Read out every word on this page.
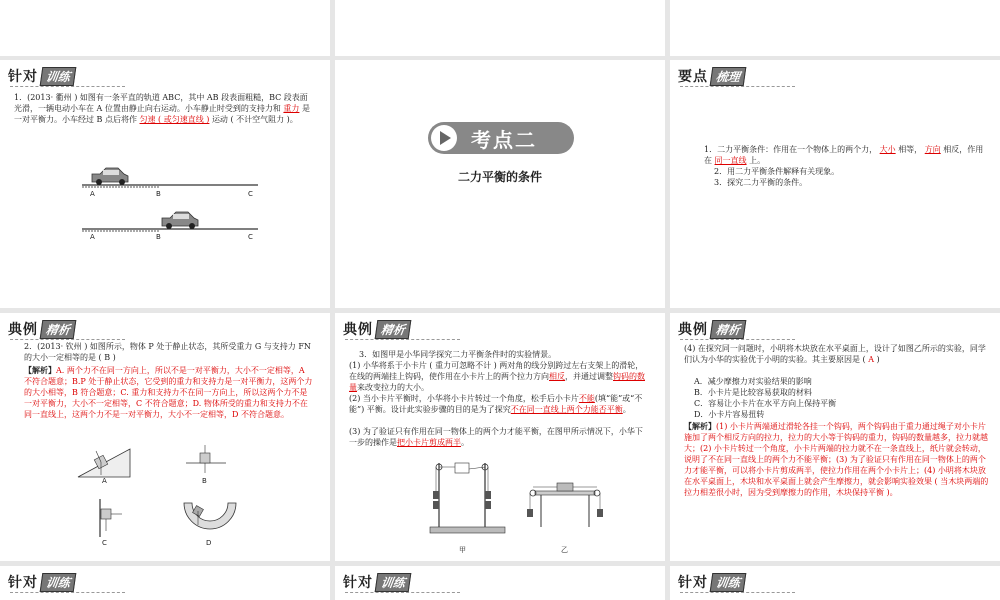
针对 训练
1．(2013· 衢州 ) 如图有一条平直的轨道 ABC，其中 AB 段表面粗糙，BC 段表面光滑，一辆电动小车在 A 位置由静止向右运动。小车静止时受到的支持力和 重力 是一对平衡力。小车经过 B 点后将作 匀速 ( 或匀速直线 ) 运动 ( 不计空气阻力 )。
A	B	C
A	B	C
考点二
二力平衡的条件
要点 梳理
1．二力平衡条件：作用在一个物体上的两个力， 大小 相等， 方向 相反，作用在 同一直线 上。
2．用二力平衡条件解释有关现象。
3．探究二力平衡的条件。
典例 精析
2．(2013· 钦州 ) 如图所示，物体 P 处于静止状态，其所受重力 G 与支持力 FN 的大小一定相等的是 ( B )
【解析】A. 两个力不在同一方向上，所以不是一对平衡力，大小不一定相等，A 不符合题意；B.P 处于静止状态，它受到的重力和支持力是一对平衡力，这两个力的大小相等，B 符合题意；C. 重力和支持力不在同一方向上，所以这两个力不是一对平衡力，大小不一定相等，C 不符合题意；D. 物体所受的重力和支持力不在同一直线上，这两个力不是一对平衡力，大小不一定相等，D 不符合题意。
A	B
C	D
典例 精析
3．如图甲是小华同学探究二力平衡条件时的实验情景。
(1) 小华将系于小卡片 ( 重力可忽略不计 ) 两对角的线分别跨过左右支架上的滑轮，在线的两端挂上钩码，使作用在小卡片上的两个拉力方向相反，并通过调整钩码的数量来改变拉力的大小。
(2) 当小卡片平衡时，小华将小卡片转过一个角度，松手后小卡片不能(填“能”或“不能”) 平衡。设计此实验步骤的目的是为了探究不在同一直线上两个力能否平衡。
(3) 为了验证只有作用在同一物体上的两个力才能平衡，在图甲所示情况下，小华下一步的操作是把小卡片剪成两半。
甲	乙
典例 精析
(4) 在探究同一问题时，小明将木块放在水平桌面上，设计了如图乙所示的实验，同学们认为小华的实验优于小明的实验。其主要原因是 ( A )
A．减少摩擦力对实验结果的影响
B．小卡片是比较容易获取的材料
C．容易让小卡片在水平方向上保持平衡
D．小卡片容易扭转
【解析】(1) 小卡片两端通过滑轮各挂一个钩码，两个钩码由于重力通过绳子对小卡片施加了两个相反方向的拉力，拉力的大小等于钩码的重力，钩码的数量越多，拉力就越大；(2) 小卡片转过一个角度，小卡片两端的拉力就不在一条直线上，纸片就会转动，说明了不在同一直线上的两个力不能平衡；(3) 为了验证只有作用在同一物体上的两个力才能平衡，可以将小卡片剪成两半，使拉力作用在两个小卡片上；(4) 小明将木块放在水平桌面上，木块和水平桌面上就会产生摩擦力，就会影响实验效果 ( 当木块两端的拉力相差很小时，因为受到摩擦力的作用，木块保持平衡 )。
针对 训练	针对 训练	针对 训练
